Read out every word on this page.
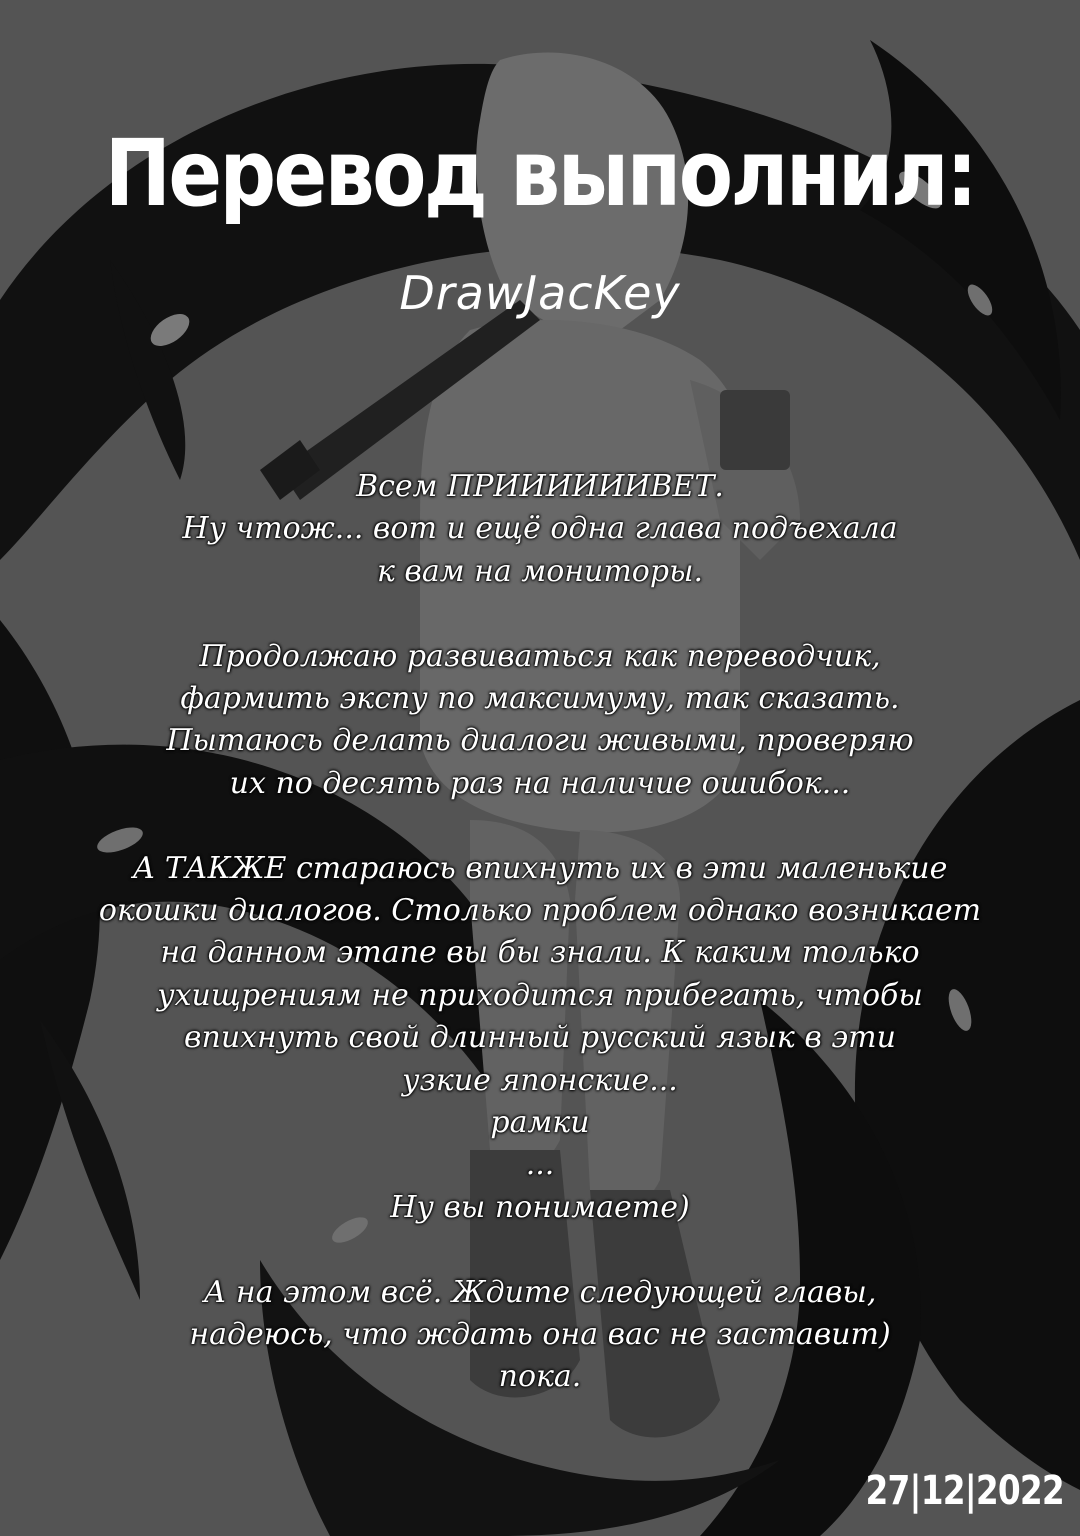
Перевод выполнил:
DrawJacKey
Всем ПРИИИИИИВЕТ.
Ну чтож... вот и ещё одна глава подъехала
к вам на мониторы.
Продолжаю развиваться как переводчик,
фармить экспу по максимуму, так сказать.
Пытаюсь делать диалоги живыми, проверяю
их по десять раз на наличие ошибок...
А ТАКЖЕ стараюсь впихнуть их в эти маленькие
окошки диалогов. Столько проблем однако возникает
на данном этапе вы бы знали. К каким только
ухищрениям не приходится прибегать, чтобы
впихнуть свой длинный русский язык в эти
узкие японские...
рамки
...
Ну вы понимаете)
А на этом всё. Ждите следующей главы,
надеюсь, что ждать она вас не заставит)
пока.
27|12|2022
